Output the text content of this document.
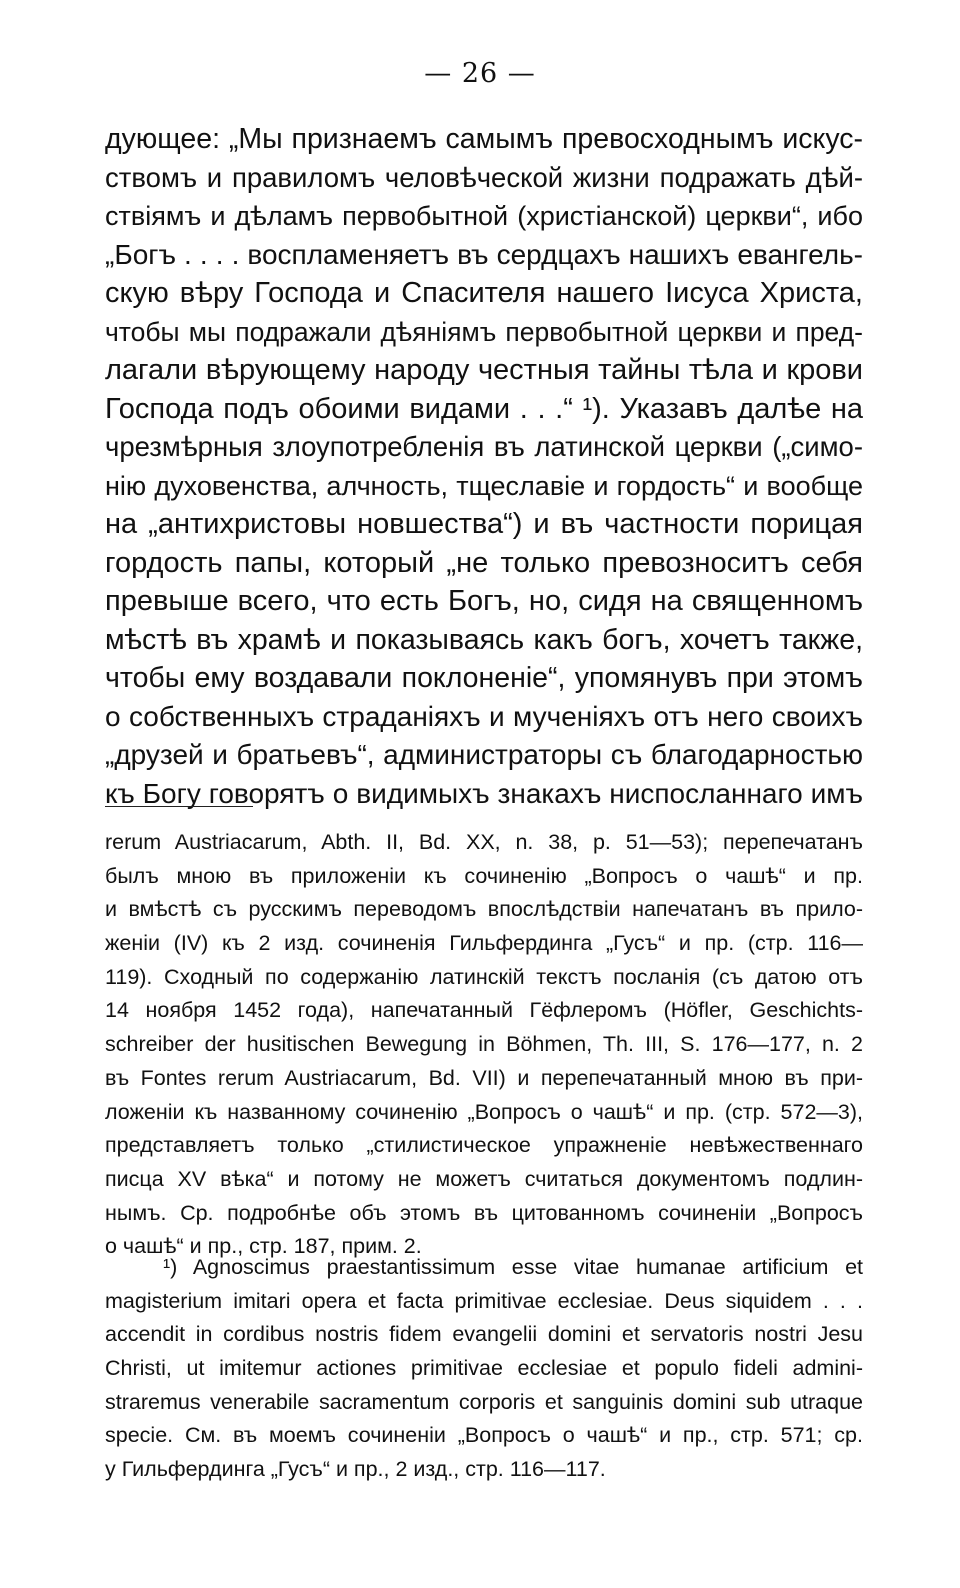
— 26 —
дующее: „Мы признаемъ самымъ превосходнымъ искус-
ствомъ и правиломъ человѣческой жизни подражать дѣй-
ствіямъ и дѣламъ первобытной (христіанской) церкви“, ибо
„Богъ . . . . воспламеняетъ въ сердцахъ нашихъ евангель-
скую вѣру Господа и Спасителя нашего Іисуса Христа,
чтобы мы подражали дѣяніямъ первобытной церкви и пред-
лагали вѣрующему народу честныя тайны тѣла и крови
Господа подъ обоими видами . . .“ ¹). Указавъ далѣе на
чрезмѣрныя злоупотребленія въ латинской церкви („симо-
нію духовенства, алчность, тщеславіе и гордость“ и вообще
на „антихристовы новшества“) и въ частности порицая
гордость папы, который „не только превозноситъ себя
превыше всего, что есть Богъ, но, сидя на священномъ
мѣстѣ въ храмѣ и показываясь какъ богъ, хочетъ также,
чтобы ему воздавали поклоненіе“, упомянувъ при этомъ
о собственныхъ страданіяхъ и мученіяхъ отъ него своихъ
„друзей и братьевъ“, администраторы съ благодарностью
къ Богу говорятъ о видимыхъ знакахъ ниспосланнаго имъ
rerum Austriacarum, Abth. II, Bd. XX, n. 38, p. 51—53); перепечатанъ
былъ мною въ приложеніи къ сочиненію „Вопросъ о чашѣ“ и пр.
и вмѣстѣ съ русскимъ переводомъ впослѣдствіи напечатанъ въ прило-
женіи (IV) къ 2 изд. сочиненія Гильфердинга „Гусъ“ и пр. (стр. 116—
119). Сходный по содержанію латинскій текстъ посланія (съ датою отъ
14 ноября 1452 года), напечатанный Гёфлеромъ (Höfler, Geschichts-
schreiber der husitischen Bewegung in Böhmen, Th. III, S. 176—177, n. 2
въ Fontes rerum Austriacarum, Bd. VII) и перепечатанный мною въ при-
ложеніи къ названному сочиненію „Вопросъ о чашѣ“ и пр. (стр. 572—3),
представляетъ только „стилистическое упражненіе невѣжественнаго
писца XV вѣка“ и потому не можетъ считаться документомъ подлин-
нымъ. Ср. подробнѣе объ этомъ въ цитованномъ сочиненіи „Вопросъ
о чашѣ“ и пр., стр. 187, прим. 2.
¹) Agnoscimus praestantissimum esse vitae humanae artificium et
magisterium imitari opera et facta primitivae ecclesiae. Deus siquidem . . .
accendit in cordibus nostris fidem evangelii domini et servatoris nostri Jesu
Christi, ut imitemur actiones primitivae ecclesiae et populo fideli admini-
straremus venerabile sacramentum corporis et sanguinis domini sub utraque
specie. См. въ моемъ сочиненіи „Вопросъ о чашѣ“ и пр., стр. 571; ср.
у Гильфердинга „Гусъ“ и пр., 2 изд., стр. 116—117.
